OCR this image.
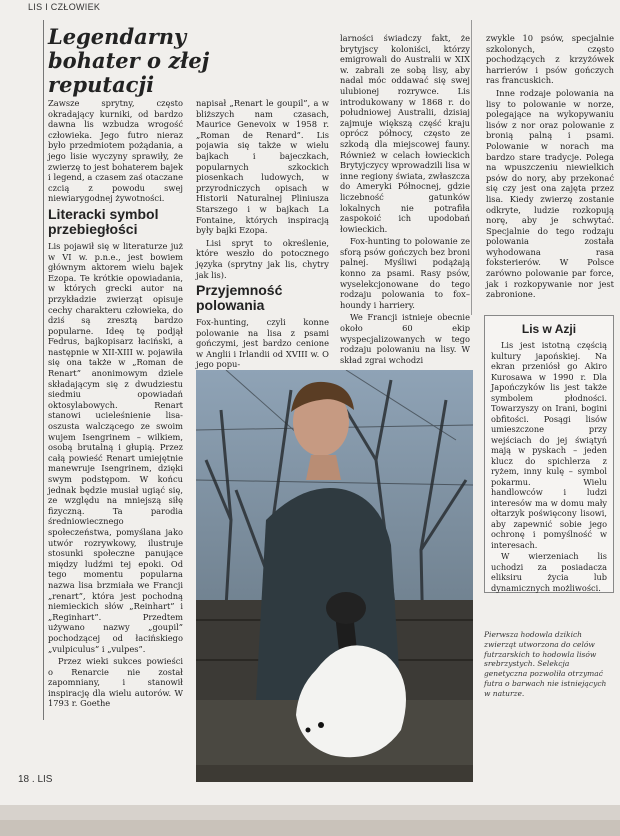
LIS I CZŁOWIEK
Legendarny bohater o złej reputacji

Zawsze sprytny, często okradający kurniki, od bardzo dawna lis wzbudza wrogość człowieka. Jego futro nieraz było przedmiotem pożądania, a jego lisie wyczyny sprawiły, że zwierzę to jest bohaterem bajek i legend, a czasem zaś otaczane czcią z powodu swej niewiarygodnej żywotności.

Literacki symbol przebiegłości

Lis pojawił się w literaturze już w VI w. p.n.e., jest bowiem głównym aktorem wielu bajek Ezopa. Te krótkie opowiadania, w których grecki autor na przykładzie zwierząt opisuje cechy charakteru człowieka, do dziś są zresztą bardzo popularne. Ideę tę podjął Fedrus, bajkopisarz łaciński, a następnie w XII-XIII w. pojawiła się ona także w „Roman de Renart” anonimowym dziele składającym się z dwudziestu siedmiu opowiadań oktosylabowych. Renart stanowi ucieleśnienie lisa-oszusta walczącego ze swoim wujem Isengrinem – wilkiem, osobą brutalną i głupią. Przez całą powieść Renart umiejętnie manewruje Isengrinem, dzięki swym podstępom. W końcu jednak będzie musiał ugiąć się, ze względu na mniejszą siłę fizyczną. Ta parodia średniowiecznego społeczeństwa, pomyślana jako utwór rozrywkowy, ilustruje stosunki społeczne panujące między ludźmi tej epoki. Od tego momentu popularna nazwa lisa brzmiała we Francji „renart”, która jest pochodną niemieckich słów „Reinhart” i „Reginhart”. Przedtem używano nazwy „goupil” pochodzącej od łacińskiego „vulpiculus” i „vulpes”.

Przez wieki sukces powieści o Renarcie nie został zapomniany, i stanowił inspirację dla wielu autorów. W 1793 r. Goethe

napisał „Renart le goupil”, a w bliższych nam czasach, Maurice Genevoix w 1958 r. „Roman de Renard”. Lis pojawia się także w wielu bajkach i bajeczkach, popularnych szkockich piosenkach ludowych, w przyrodniczych opisach w Historii Naturalnej Pliniusza Starszego i w bajkach La Fontaine, których inspiracją były bajki Ezopa.

Lisi spryt to określenie, które weszło do potocznego języka (sprytny jak lis, chytry jak lis).

Przyjemność polowania

Fox-hunting, czyli konne polowanie na lisa z psami gończymi, jest bardzo cenione w Anglii i Irlandii od XVIII w. O jego popu-

larności świadczy fakt, że brytyjscy koloniści, którzy emigrowali do Australii w XIX w. zabrali ze sobą lisy, aby nadal móc oddawać się swej ulubionej rozrywce. Lis introdukowany w 1868 r. do południowej Australii, dzisiaj zajmuje większą część kraju oprócz północy, często ze szkodą dla miejscowej fauny. Również w celach łowieckich Brytyjczycy wprowadzili lisa w inne regiony świata, zwłaszcza do Ameryki Północnej, gdzie liczebność gatunków lokalnych nie potrafiła zaspokoić ich upodobań łowieckich.

Fox-hunting to polowanie ze sforą psów gończych bez broni palnej. Myśliwi podążają konno za psami. Rasy psów, wyselekcjonowane do tego rodzaju polowania to fox–houndy i harriery.

We Francji istnieje obecnie około 60 ekip wyspecjalizowanych w tego rodzaju polowaniu na lisy. W skład zgrai wchodzi

zwykle 10 psów, specjalnie szkolonych, często pochodzących z krzyżówek harrierów i psów gończych ras francuskich.

Inne rodzaje polowania na lisy to polowanie w norze, polegające na wykopywaniu lisów z nor oraz polowanie z bronią palną i psami. Polowanie w norach ma bardzo stare tradycje. Polega na wpuszczeniu niewielkich psów do nory, aby przekonać się czy jest ona zajęta przez lisa. Kiedy zwierzę zostanie odkryte, ludzie rozkopują norę, aby je schwytać. Specjalnie do tego rodzaju polowania została wyhodowana rasa foksterierów. W Polsce zarówno polowanie par force, jak i rozkopywanie nor jest zabronione.

Lis w Azji

Lis jest istotną częścią kultury japońskiej. Na ekran przeniósł go Akiro Kurosawa w 1990 r. Dla Japończyków lis jest także symbolem płodności. Towarzyszy on Irani, bogini obfitości. Posągi lisów umieszczone przy wejściach do jej świątyń mają w pyskach – jeden klucz do spichlerza z ryżem, inny kulę – symbol pokarmu. Wielu handlowców i ludzi interesów ma w domu mały ołtarzyk poświęcony lisowi, aby zapewnić sobie jego ochronę i pomyślność w interesach.

W wierzeniach lis uchodzi za posiadacza eliksiru życia lub dynamicznych możliwości.

Pierwsza hodowla dzikich zwierząt utworzona do celów futrzarskich to hodowla lisów srebrzystych. Selekcja genetyczna pozwoliła otrzymać futra o barwach nie istniejących w naturze.
18 . LIS
